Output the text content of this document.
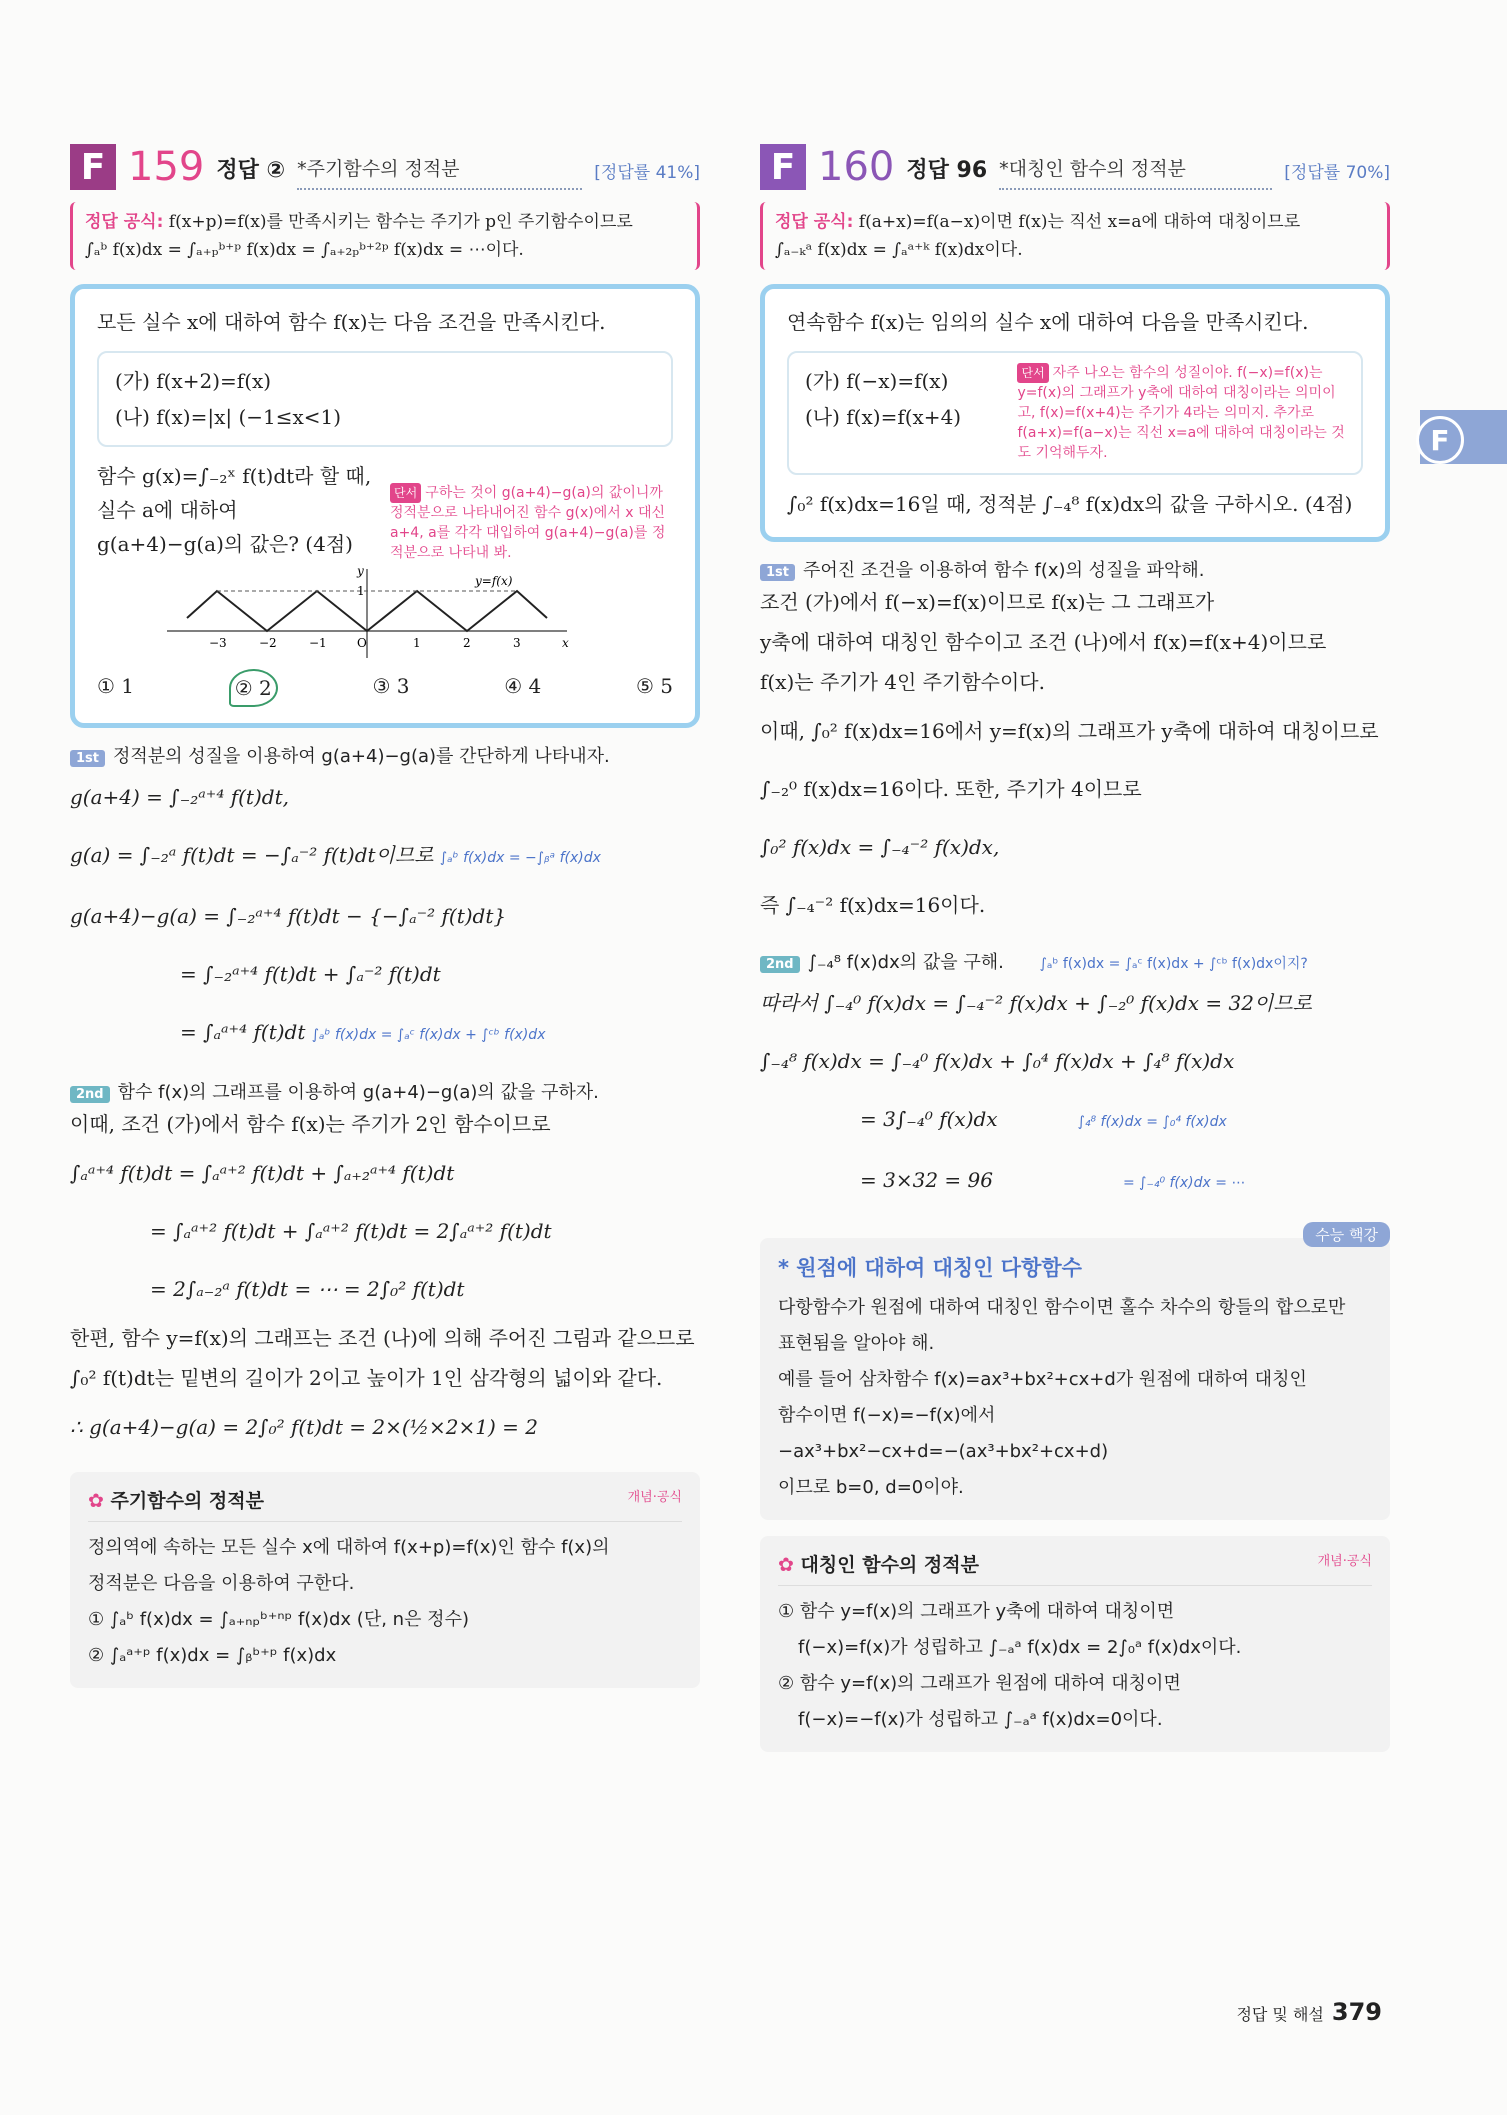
F 159 정답 ② *주기함수의 정적분	[정답률 41%]
정답 공식: f(x+p)=f(x)를 만족시키는 함수는 주기가 p인 주기함수이므로
∫ₐᵇ f(x)dx = ∫ₐ₊ₚᵇ⁺ᵖ f(x)dx = ∫ₐ₊₂ₚᵇ⁺²ᵖ f(x)dx = ⋯이다.
모든 실수 x에 대하여 함수 f(x)는 다음 조건을 만족시킨다.
(가) f(x+2)=f(x)
(나) f(x)=|x| (−1≤x<1)
함수 g(x)=∫₋₂ˣ f(t)dt라 할 때, 실수 a에 대하여
g(a+4)−g(a)의 값은? (4점)
단서 구하는 것이 g(a+4)−g(a)의 값이니까 정적분으로 나타내어진 함수 g(x)에서 x 대신 a+4, a를 각각 대입하여 g(a+4)−g(a)를 정적분으로 나타내 봐.
y
y=f(x)
x
1
O
−3	−2	−1	1	2	3
① 1	② 2	③ 3	④ 4	⑤ 5
1st 정적분의 성질을 이용하여 g(a+4)−g(a)를 간단하게 나타내자.
g(a+4) = ∫₋₂ᵃ⁺⁴ f(t)dt,
g(a) = ∫₋₂ᵃ f(t)dt = −∫ₐ⁻² f(t)dt이므로 ∫ₐᵇ f(x)dx = −∫ᵦᵃ f(x)dx
g(a+4)−g(a) = ∫₋₂ᵃ⁺⁴ f(t)dt − {−∫ₐ⁻² f(t)dt}
= ∫₋₂ᵃ⁺⁴ f(t)dt + ∫ₐ⁻² f(t)dt
= ∫ₐᵃ⁺⁴ f(t)dt ∫ₐᵇ f(x)dx = ∫ₐᶜ f(x)dx + ∫ᶜᵇ f(x)dx
2nd 함수 f(x)의 그래프를 이용하여 g(a+4)−g(a)의 값을 구하자.
이때, 조건 (가)에서 함수 f(x)는 주기가 2인 함수이므로
∫ₐᵃ⁺⁴ f(t)dt = ∫ₐᵃ⁺² f(t)dt + ∫ₐ₊₂ᵃ⁺⁴ f(t)dt
= ∫ₐᵃ⁺² f(t)dt + ∫ₐᵃ⁺² f(t)dt = 2∫ₐᵃ⁺² f(t)dt
= 2∫ₐ₋₂ᵃ f(t)dt = ⋯ = 2∫₀² f(t)dt
한편, 함수 y=f(x)의 그래프는 조건 (나)에 의해 주어진 그림과 같으므로
∫₀² f(t)dt는 밑변의 길이가 2이고 높이가 1인 삼각형의 넓이와 같다.
∴ g(a+4)−g(a) = 2∫₀² f(t)dt = 2×(½×2×1) = 2
✿ 주기함수의 정적분	개념·공식
정의역에 속하는 모든 실수 x에 대하여 f(x+p)=f(x)인 함수 f(x)의
정적분은 다음을 이용하여 구한다.
① ∫ₐᵇ f(x)dx = ∫ₐ₊ₙₚᵇ⁺ⁿᵖ f(x)dx (단, n은 정수)
② ∫ₐᵃ⁺ᵖ f(x)dx = ∫ᵦᵇ⁺ᵖ f(x)dx
F 160 정답 96 *대칭인 함수의 정적분	[정답률 70%]
정답 공식: f(a+x)=f(a−x)이면 f(x)는 직선 x=a에 대하여 대칭이므로
∫ₐ₋ₖᵃ f(x)dx = ∫ₐᵃ⁺ᵏ f(x)dx이다.
연속함수 f(x)는 임의의 실수 x에 대하여 다음을 만족시킨다.
(가) f(−x)=f(x)
(나) f(x)=f(x+4)
단서 자주 나오는 함수의 성질이야. f(−x)=f(x)는 y=f(x)의 그래프가 y축에 대하여 대칭이라는 의미이고, f(x)=f(x+4)는 주기가 4라는 의미지. 추가로 f(a+x)=f(a−x)는 직선 x=a에 대하여 대칭이라는 것도 기억해두자.
∫₀² f(x)dx=16일 때, 정적분 ∫₋₄⁸ f(x)dx의 값을 구하시오. (4점)
1st 주어진 조건을 이용하여 함수 f(x)의 성질을 파악해.
조건 (가)에서 f(−x)=f(x)이므로 f(x)는 그 그래프가
y축에 대하여 대칭인 함수이고 조건 (나)에서 f(x)=f(x+4)이므로
f(x)는 주기가 4인 주기함수이다.
이때, ∫₀² f(x)dx=16에서 y=f(x)의 그래프가 y축에 대하여 대칭이므로
∫₋₂⁰ f(x)dx=16이다. 또한, 주기가 4이므로
∫₀² f(x)dx = ∫₋₄⁻² f(x)dx,
즉 ∫₋₄⁻² f(x)dx=16이다.
2nd ∫₋₄⁸ f(x)dx의 값을 구해.	∫ₐᵇ f(x)dx = ∫ₐᶜ f(x)dx + ∫ᶜᵇ f(x)dx이지?
따라서 ∫₋₄⁰ f(x)dx = ∫₋₄⁻² f(x)dx + ∫₋₂⁰ f(x)dx = 32이므로
∫₋₄⁸ f(x)dx = ∫₋₄⁰ f(x)dx + ∫₀⁴ f(x)dx + ∫₄⁸ f(x)dx
= 3∫₋₄⁰ f(x)dx	∫₄⁸ f(x)dx = ∫₀⁴ f(x)dx
= 3×32 = 96	= ∫₋₄⁰ f(x)dx = ⋯
수능 핵강
* 원점에 대하여 대칭인 다항함수
다항함수가 원점에 대하여 대칭인 함수이면 홀수 차수의 항들의 합으로만
표현됨을 알아야 해.
예를 들어 삼차함수 f(x)=ax³+bx²+cx+d가 원점에 대하여 대칭인
함수이면 f(−x)=−f(x)에서
−ax³+bx²−cx+d=−(ax³+bx²+cx+d)
이므로 b=0, d=0이야.
✿ 대칭인 함수의 정적분	개념·공식
① 함수 y=f(x)의 그래프가 y축에 대하여 대칭이면
f(−x)=f(x)가 성립하고 ∫₋ₐᵃ f(x)dx = 2∫₀ᵃ f(x)dx이다.
② 함수 y=f(x)의 그래프가 원점에 대하여 대칭이면
f(−x)=−f(x)가 성립하고 ∫₋ₐᵃ f(x)dx=0이다.
F
정답 및 해설 379
